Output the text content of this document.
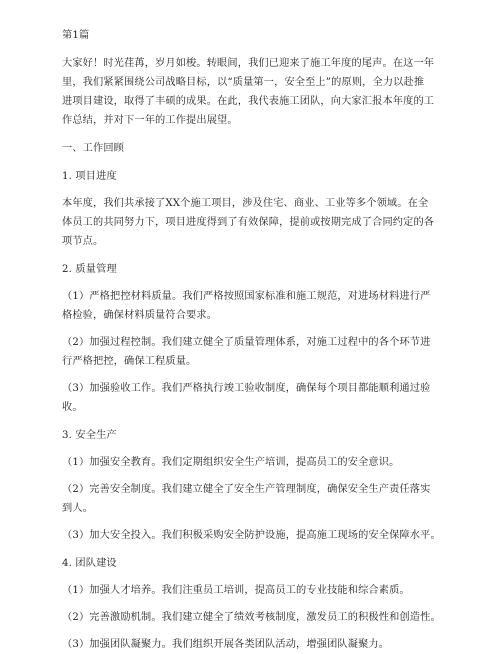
第1篇
大家好！时光荏苒，岁月如梭。转眼间，我们已迎来了施工年度的尾声。在这一年
里，我们紧紧围绕公司战略目标，以“质量第一，安全至上”的原则，全力以赴推
进项目建设，取得了丰硕的成果。在此，我代表施工团队，向大家汇报本年度的工
作总结，并对下一年的工作提出展望。
一、工作回顾
1. 项目进度
本年度，我们共承接了XX个施工项目，涉及住宅、商业、工业等多个领域。在全
体员工的共同努力下，项目进度得到了有效保障，提前或按期完成了合同约定的各
项节点。
2. 质量管理
（1）严格把控材料质量。我们严格按照国家标准和施工规范，对进场材料进行严
格检验，确保材料质量符合要求。
（2）加强过程控制。我们建立健全了质量管理体系，对施工过程中的各个环节进
行严格把控，确保工程质量。
（3）加强验收工作。我们严格执行竣工验收制度，确保每个项目都能顺利通过验
收。
3. 安全生产
（1）加强安全教育。我们定期组织安全生产培训，提高员工的安全意识。
（2）完善安全制度。我们建立健全了安全生产管理制度，确保安全生产责任落实
到人。
（3）加大安全投入。我们积极采购安全防护设施，提高施工现场的安全保障水平。
4. 团队建设
（1）加强人才培养。我们注重员工培训，提高员工的专业技能和综合素质。
（2）完善激励机制。我们建立健全了绩效考核制度，激发员工的积极性和创造性。
（3）加强团队凝聚力。我们组织开展各类团队活动，增强团队凝聚力。
